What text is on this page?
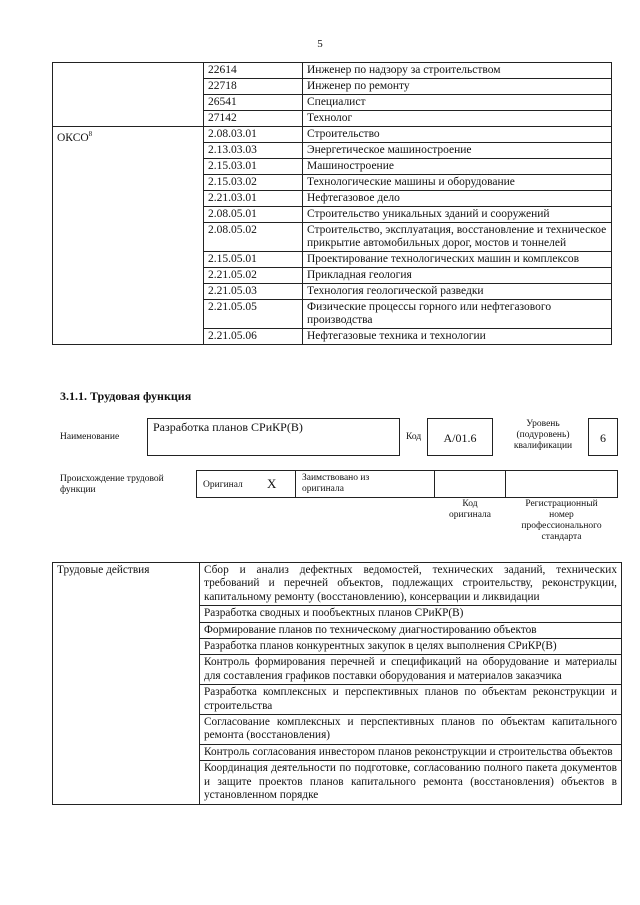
5
	22614	Инженер по надзору за строительством
	22718	Инженер по ремонту
	26541	Специалист
	27142	Технолог
ОКСО$^8$	2.08.03.01	Строительство
	2.13.03.03	Энергетическое машиностроение
	2.15.03.01	Машиностроение
	2.15.03.02	Технологические машины и оборудование
	2.21.03.01	Нефтегазовое дело
	2.08.05.01	Строительство уникальных зданий и сооружений
	2.08.05.02	Строительство, эксплуатация, восстановление и техническое прикрытие автомобильных дорог, мостов и тоннелей
	2.15.05.01	Проектирование технологических машин и комплексов
	2.21.05.02	Прикладная геология
	2.21.05.03	Технология геологической разведки
	2.21.05.05	Физические процессы горного или нефтегазового производства
	2.21.05.06	Нефтегазовые техника и технологии
3.1.1. Трудовая функция
Наименование
Разработка планов СРиКР(В)
Код	А/01.6
Уровень
(подуровень)
квалификации
6
Происхождение трудовой
функции	Оригинал X	Заимствовано из
оригинала
Код
оригинала
Регистрационный
номер
профессионального
стандарта
Трудовые действия	Сбор и анализ дефектных ведомостей, технических заданий, технических требований и перечней объектов, подлежащих строительству, реконструкции, капитальному ремонту (восстановлению), консервации и ликвидации
Разработка сводных и пообъектных планов СРиКР(В)
Формирование планов по техническому диагностированию объектов
Разработка планов конкурентных закупок в целях выполнения СРиКР(В)
Контроль формирования перечней и спецификаций на оборудование и материалы для составления графиков поставки оборудования и материалов заказчика
Разработка комплексных и перспективных планов по объектам реконструкции и строительства
Согласование комплексных и перспективных планов по объектам капитального ремонта (восстановления)
Контроль согласования инвестором планов реконструкции и строительства объектов
Координация деятельности по подготовке, согласованию полного пакета документов и защите проектов планов капитального ремонта (восстановления) объектов в установленном порядке
